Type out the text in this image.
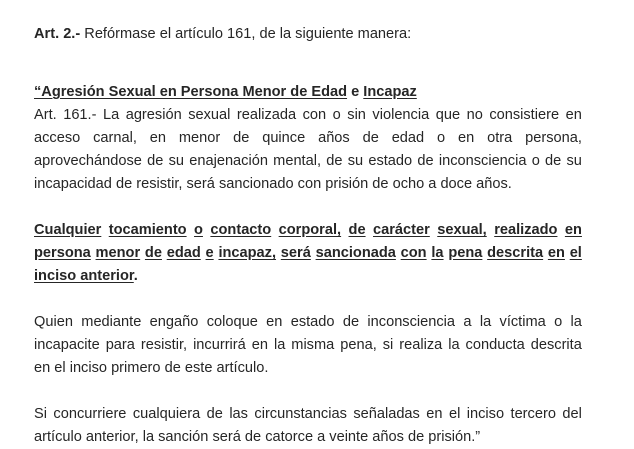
Art. 2.- Refórmase el artículo 161, de la siguiente manera:
“Agresión Sexual en Persona Menor de Edad e Incapaz
Art. 161.- La agresión sexual realizada con o sin violencia que no consistiere en
acceso carnal, en menor de quince años de edad o en otra persona,
aprovechándose de su enajenación mental, de su estado de inconsciencia o de su
incapacidad de resistir, será sancionado con prisión de ocho a doce años.
Cualquier tocamiento o contacto corporal, de carácter sexual, realizado en
persona menor de edad e incapaz, será sancionada con la pena descrita en el
inciso anterior.
Quien mediante engaño coloque en estado de inconsciencia a la víctima o la
incapacite para resistir, incurrirá en la misma pena, si realiza la conducta descrita
en el inciso primero de este artículo.
Si concurriere cualquiera de las circunstancias señaladas en el inciso tercero del
artículo anterior, la sanción será de catorce a veinte años de prisión.”
